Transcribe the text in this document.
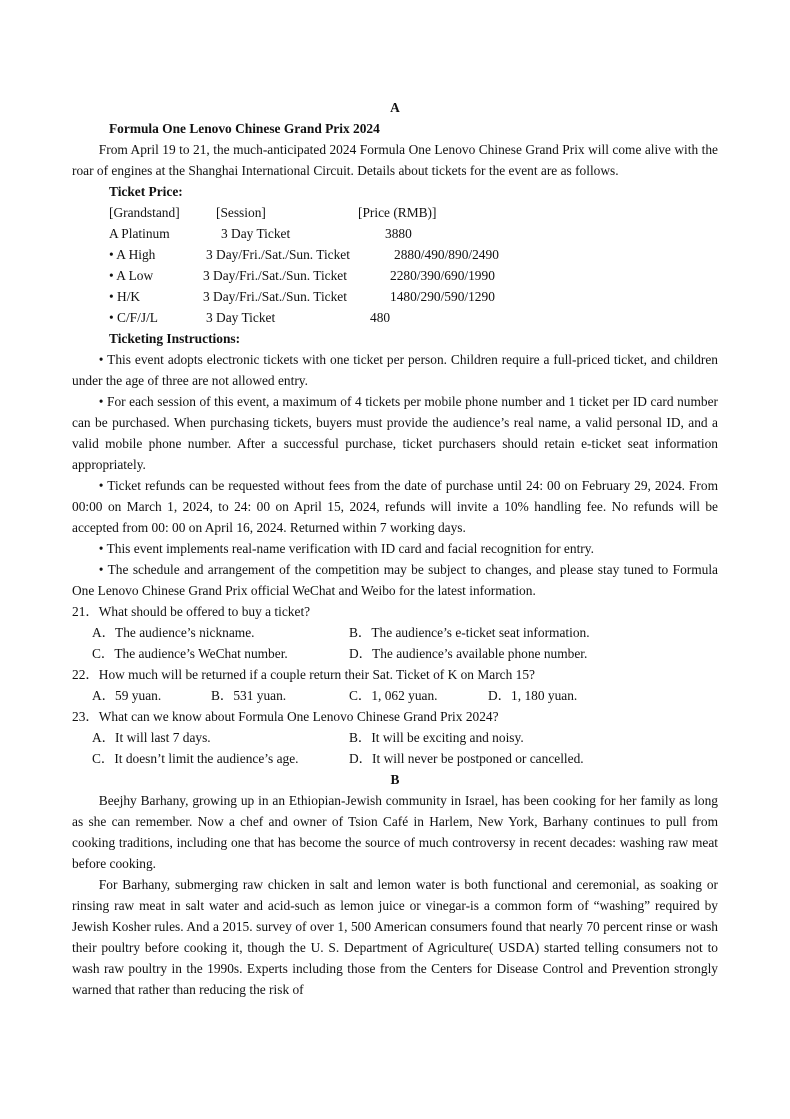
A
Formula One Lenovo Chinese Grand Prix 2024

From April 19 to 21, the much-anticipated 2024 Formula One Lenovo Chinese Grand Prix will come alive with the roar of engines at the Shanghai International Circuit. Details about tickets for the event are as follows.

Ticket Price:
[Grandstand]	[Session]	[Price (RMB)]
A Platinum	3 Day Ticket	3880
• A High	3 Day/Fri./Sat./Sun. Ticket	2880/490/890/2490
• A Low	3 Day/Fri./Sat./Sun. Ticket	2280/390/690/1990
• H/K	3 Day/Fri./Sat./Sun. Ticket	1480/290/590/1290
• C/F/J/L	3 Day Ticket	480
Ticketing Instructions:

• This event adopts electronic tickets with one ticket per person. Children require a full-priced ticket, and children under the age of three are not allowed entry.

• For each session of this event, a maximum of 4 tickets per mobile phone number and 1 ticket per ID card number can be purchased. When purchasing tickets, buyers must provide the audience’s real name, a valid personal ID, and a valid mobile phone number. After a successful purchase, ticket purchasers should retain e-ticket seat information appropriately.

• Ticket refunds can be requested without fees from the date of purchase until 24: 00 on February 29, 2024. From 00:00 on March 1, 2024, to 24: 00 on April 15, 2024, refunds will invite a 10% handling fee. No refunds will be accepted from 00: 00 on April 16, 2024. Returned within 7 working days.

• This event implements real-name verification with ID card and facial recognition for entry.

• The schedule and arrangement of the competition may be subject to changes, and please stay tuned to Formula One Lenovo Chinese Grand Prix official WeChat and Weibo for the latest information.

21．What should be offered to buy a ticket?
A．The audience’s nickname.	B．The audience’s e-ticket seat information.
C．The audience’s WeChat number.	D．The audience’s available phone number.
22．How much will be returned if a couple return their Sat. Ticket of K on March 15?
A．59 yuan.	B．531 yuan.	C．1, 062 yuan.	D．1, 180 yuan.
23．What can we know about Formula One Lenovo Chinese Grand Prix 2024?
A．It will last 7 days.	B．It will be exciting and noisy.
C．It doesn’t limit the audience’s age.	D．It will never be postponed or cancelled.
B

Beejhy Barhany, growing up in an Ethiopian-Jewish community in Israel, has been cooking for her family as long as she can remember. Now a chef and owner of Tsion Café in Harlem, New York, Barhany continues to pull from cooking traditions, including one that has become the source of much controversy in recent decades: washing raw meat before cooking.

For Barhany, submerging raw chicken in salt and lemon water is both functional and ceremonial, as soaking or rinsing raw meat in salt water and acid-such as lemon juice or vinegar-is a common form of “washing” required by Jewish Kosher rules. And a 2015. survey of over 1, 500 American consumers found that nearly 70 percent rinse or wash their poultry before cooking it, though the U. S. Department of Agriculture( USDA) started telling consumers not to wash raw poultry in the 1990s. Experts including those from the Centers for Disease Control and Prevention strongly warned that rather than reducing the risk of
